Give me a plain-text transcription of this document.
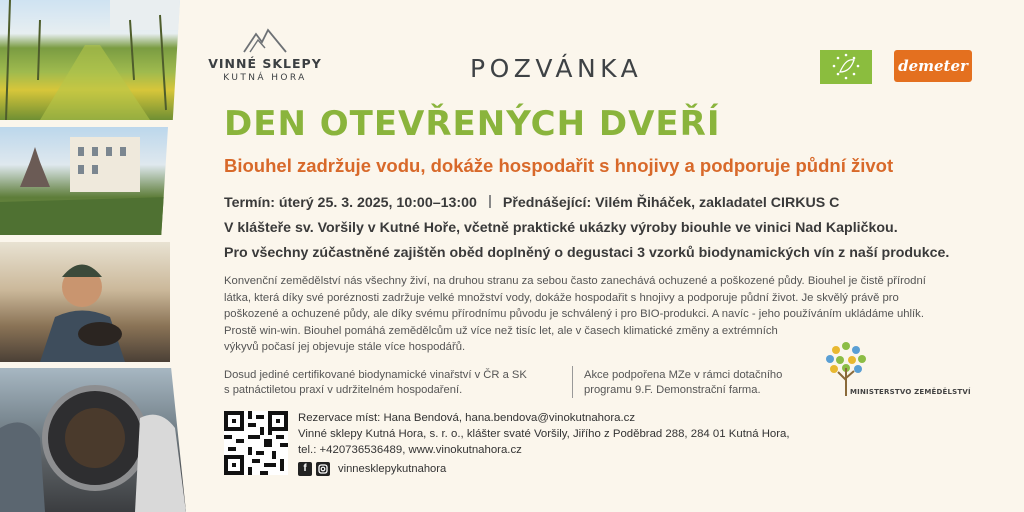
VINNÉ SKLEPY
KUTNÁ HORA	POZVÁNKA	demeter
DEN OTEVŘENÝCH DVEŘÍ
Biouhel zadržuje vodu, dokáže hospodařit s hnojivy a podporuje půdní život
Termín: úterý 25. 3. 2025, 10:00–13:00 Přednášející: Vilém Řiháček, zakladatel CIRKUS C
V klášteře sv. Voršily v Kutné Hoře, včetně praktické ukázky výroby biouhle ve vinici Nad Kapličkou.
Pro všechny zúčastněné zajištěn oběd doplněný o degustaci 3 vzorků biodynamických vín z naší produkce.
Konvenční zemědělství nás všechny živí, na druhou stranu za sebou často zanechává ochuzené a poškozené půdy. Biouhel je čistě přírodní
látka, která díky své poréznosti zadržuje velké množství vody, dokáže hospodařit s hnojivy a podporuje půdní život. Je skvělý právě pro
poškozené a ochuzené půdy, ale díky svému přírodnímu původu je schválený i pro BIO-produkci. A navíc - jeho používáním ukládáme uhlík.
Prostě win-win. Biouhel pomáhá zemědělcům už více než tisíc let, ale v časech klimatické změny a extrémních
výkyvů počasí jej objevuje stále více hospodářů.
Dosud jediné certifikované biodynamické vinařství v ČR a SK
s patnáctiletou praxí v udržitelném hospodaření.
Akce podpořena MZe v rámci dotačního
programu 9.F. Demonstrační farma.	MINISTERSTVO ZEMĚDĚLSTVÍ
Rezervace míst: Hana Bendová, hana.bendova@vinokutnahora.cz
Vinné sklepy Kutná Hora, s. r. o., klášter svaté Voršily, Jiřího z Poděbrad 288, 284 01 Kutná Hora,
tel.: +420736536489, www.vinokutnahora.cz
f	vinnesklepykutnahora
